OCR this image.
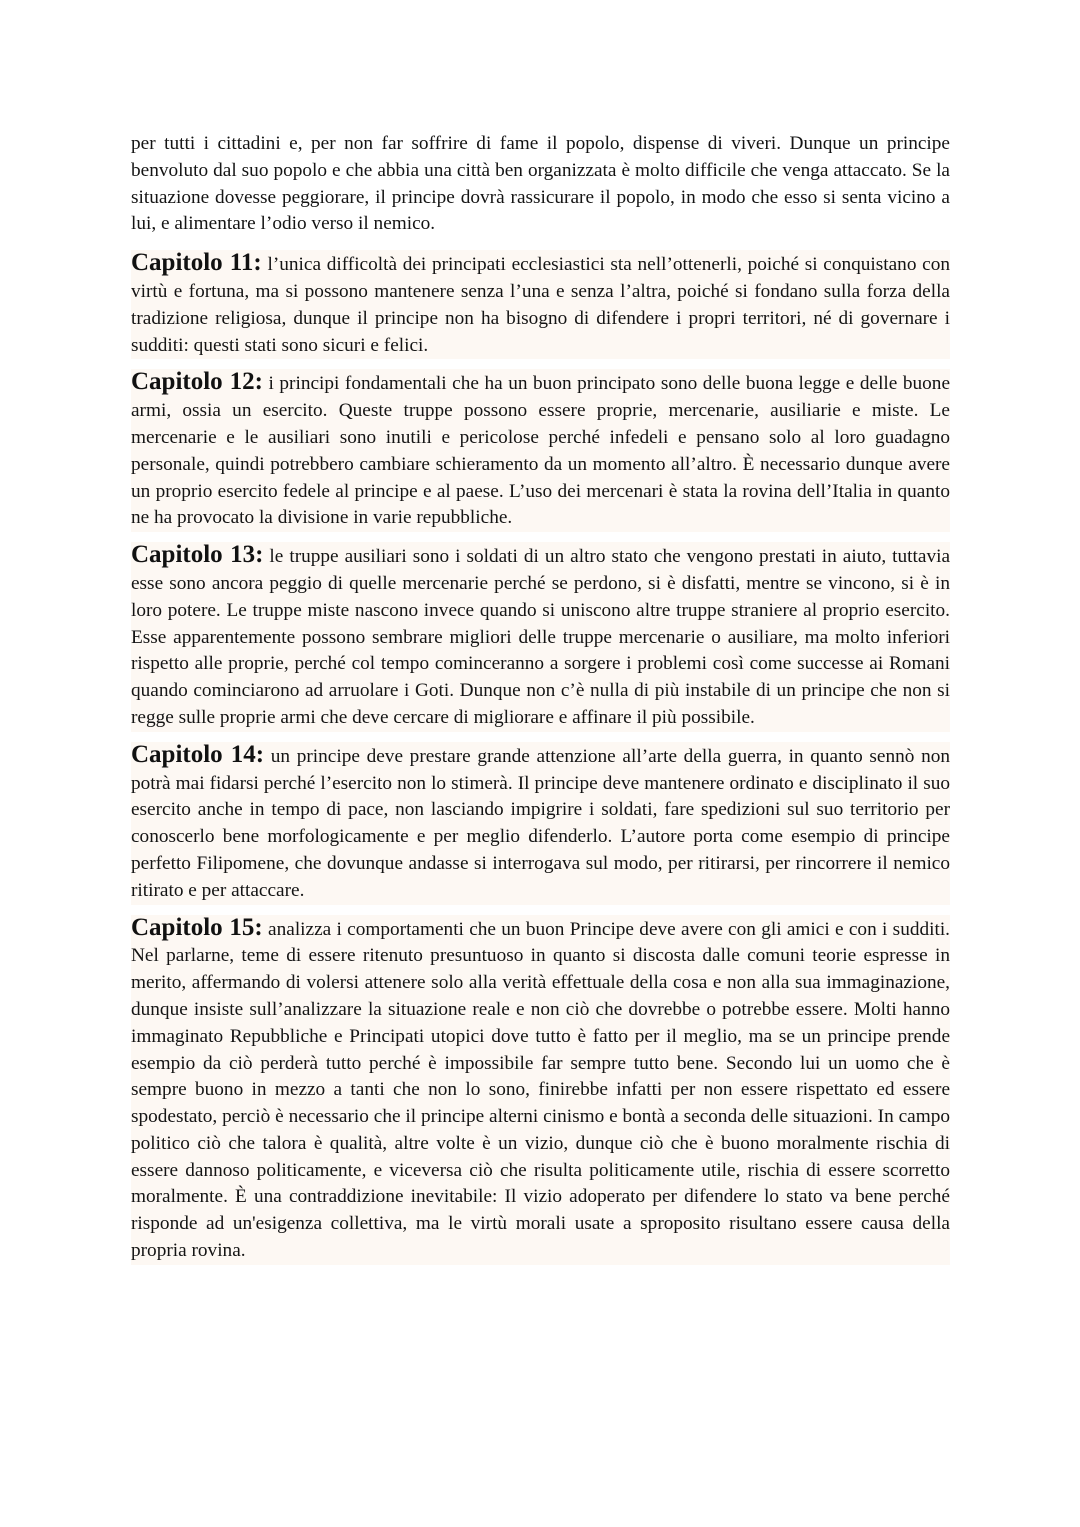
per tutti i cittadini e, per non far soffrire di fame il popolo, dispense di viveri. Dunque un principe benvoluto dal suo popolo e che abbia una città ben organizzata è molto difficile che venga attaccato. Se la situazione dovesse peggiorare, il principe dovrà rassicurare il popolo, in modo che esso si senta vicino a lui, e alimentare l’odio verso il nemico.

Capitolo 11: l’unica difficoltà dei principati ecclesiastici sta nell’ottenerli, poiché si conquistano con virtù e fortuna, ma si possono mantenere senza l’una e senza l’altra, poiché si fondano sulla forza della tradizione religiosa, dunque il principe non ha bisogno di difendere i propri territori, né di governare i sudditi: questi stati sono sicuri e felici.

Capitolo 12: i principi fondamentali che ha un buon principato sono delle buona legge e delle buone armi, ossia un esercito. Queste truppe possono essere proprie, mercenarie, ausiliarie e miste. Le mercenarie e le ausiliari sono inutili e pericolose perché infedeli e pensano solo al loro guadagno personale, quindi potrebbero cambiare schieramento da un momento all’altro. È necessario dunque avere un proprio esercito fedele al principe e al paese. L’uso dei mercenari è stata la rovina dell’Italia in quanto ne ha provocato la divisione in varie repubbliche.

Capitolo 13: le truppe ausiliari sono i soldati di un altro stato che vengono prestati in aiuto, tuttavia esse sono ancora peggio di quelle mercenarie perché se perdono, si è disfatti, mentre se vincono, si è in loro potere. Le truppe miste nascono invece quando si uniscono altre truppe straniere al proprio esercito. Esse apparentemente possono sembrare migliori delle truppe mercenarie o ausiliare, ma molto inferiori rispetto alle proprie, perché col tempo cominceranno a sorgere i problemi così come successe ai Romani quando cominciarono ad arruolare i Goti. Dunque non c’è nulla di più instabile di un principe che non si regge sulle proprie armi che deve cercare di migliorare e affinare il più possibile.

Capitolo 14: un principe deve prestare grande attenzione all’arte della guerra, in quanto sennò non potrà mai fidarsi perché l’esercito non lo stimerà. Il principe deve mantenere ordinato e disciplinato il suo esercito anche in tempo di pace, non lasciando impigrire i soldati, fare spedizioni sul suo territorio per conoscerlo bene morfologicamente e per meglio difenderlo. L’autore porta come esempio di principe perfetto Filipomene, che dovunque andasse si interrogava sul modo, per ritirarsi, per rincorrere il nemico ritirato e per attaccare.

Capitolo 15: analizza i comportamenti che un buon Principe deve avere con gli amici e con i sudditi. Nel parlarne, teme di essere ritenuto presuntuoso in quanto si discosta dalle comuni teorie espresse in merito, affermando di volersi attenere solo alla verità effettuale della cosa e non alla sua immaginazione, dunque insiste sull’analizzare la situazione reale e non ciò che dovrebbe o potrebbe essere. Molti hanno immaginato Repubbliche e Principati utopici dove tutto è fatto per il meglio, ma se un principe prende esempio da ciò perderà tutto perché è impossibile far sempre tutto bene. Secondo lui un uomo che è sempre buono in mezzo a tanti che non lo sono, finirebbe infatti per non essere rispettato ed essere spodestato, perciò è necessario che il principe alterni cinismo e bontà a seconda delle situazioni. In campo politico ciò che talora è qualità, altre volte è un vizio, dunque ciò che è buono moralmente rischia di essere dannoso politicamente, e viceversa ciò che risulta politicamente utile, rischia di essere scorretto moralmente. È una contraddizione inevitabile: Il vizio adoperato per difendere lo stato va bene perché risponde ad un'esigenza collettiva, ma le virtù morali usate a sproposito risultano essere causa della propria rovina.
